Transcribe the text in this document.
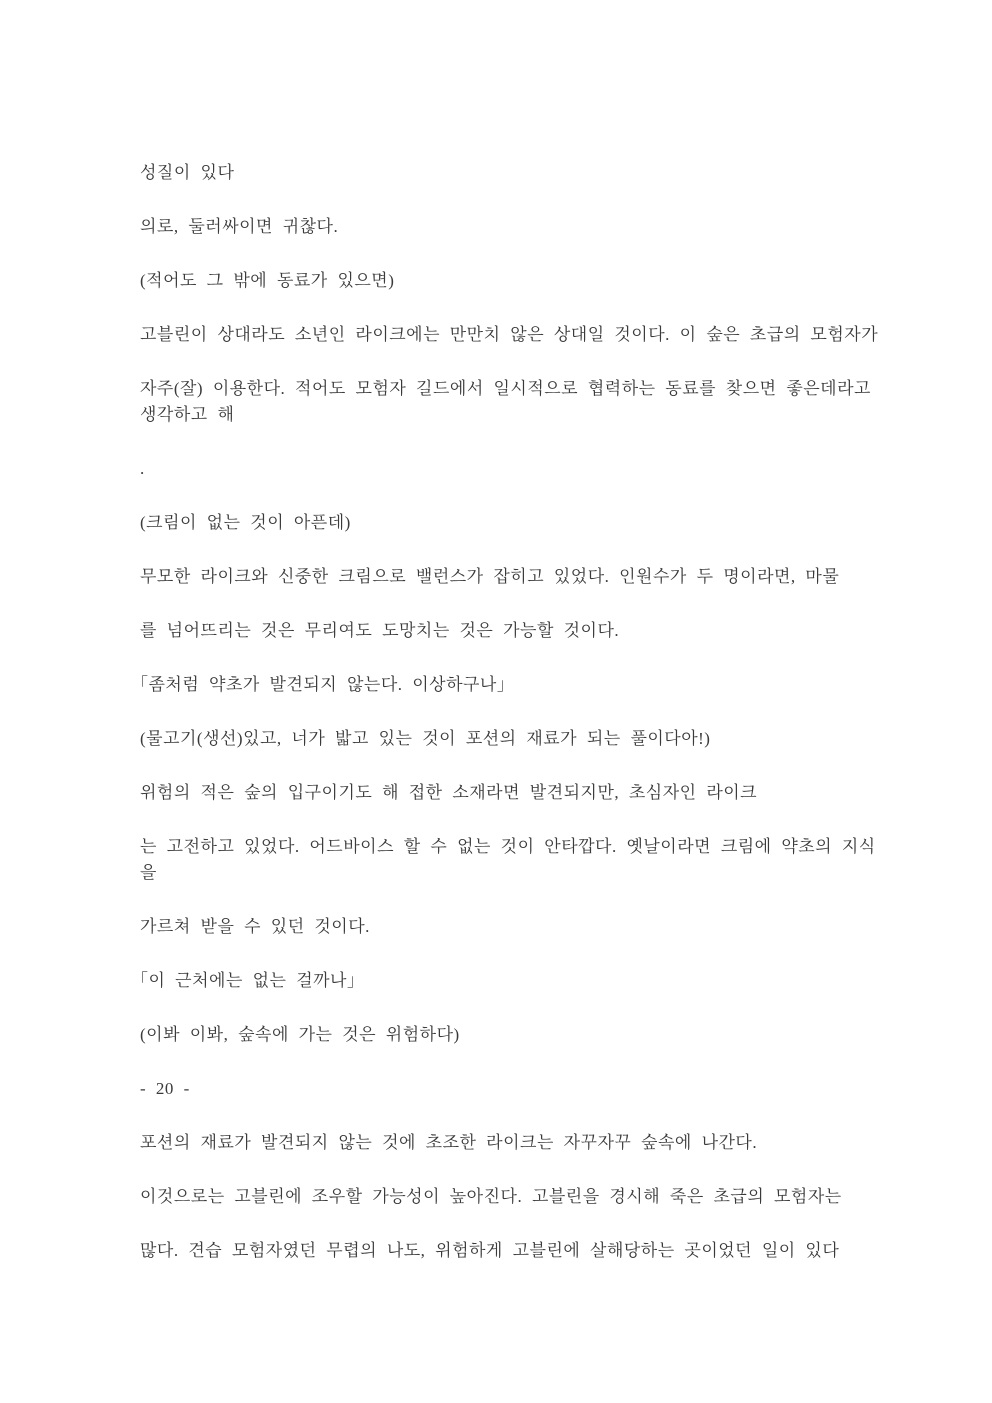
성질이 있다
의로, 둘러싸이면 귀찮다.
(적어도 그 밖에 동료가 있으면)
고블린이 상대라도 소년인 라이크에는 만만치 않은 상대일 것이다. 이 숲은 초급의 모험자가
자주(잘) 이용한다. 적어도 모험자 길드에서 일시적으로 협력하는 동료를 찾으면 좋은데라고
생각하고 해
.
(크림이 없는 것이 아픈데)
무모한 라이크와 신중한 크림으로 밸런스가 잡히고 있었다. 인원수가 두 명이라면, 마물
를 넘어뜨리는 것은 무리여도 도망치는 것은 가능할 것이다.
「좀처럼 약초가 발견되지 않는다. 이상하구나」
(물고기(생선)있고, 너가 밟고 있는 것이 포션의 재료가 되는 풀이다아!)
위험의 적은 숲의 입구이기도 해 접한 소재라면 발견되지만, 초심자인 라이크
는 고전하고 있었다. 어드바이스 할 수 없는 것이 안타깝다. 옛날이라면 크림에 약초의 지식
을
가르쳐 받을 수 있던 것이다.
「이 근처에는 없는 걸까나」
(이봐 이봐, 숲속에 가는 것은 위험하다)
- 20 -
포션의 재료가 발견되지 않는 것에 초조한 라이크는 자꾸자꾸 숲속에 나간다.
이것으로는 고블린에 조우할 가능성이 높아진다. 고블린을 경시해 죽은 초급의 모험자는
많다. 견습 모험자였던 무렵의 나도, 위험하게 고블린에 살해당하는 곳이었던 일이 있다
